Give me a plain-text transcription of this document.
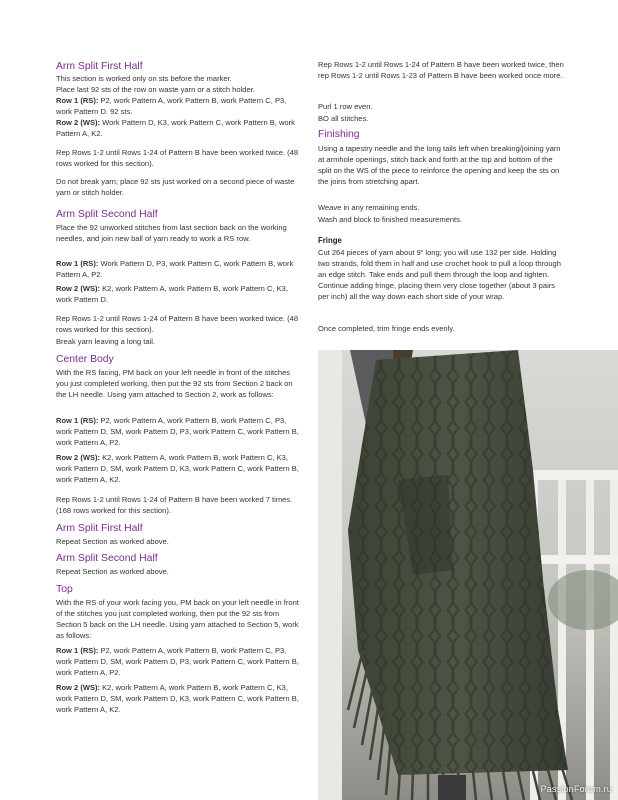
Arm Split First Half

This section is worked only on sts before the marker.

Place last 92 sts of the row on waste yarn or a stitch holder.

Row 1 (RS): P2, work Pattern A, work Pattern B, work Pattern C, P3, work Pattern D. 92 sts.

Row 2 (WS): Work Pattern D, K3, work Pattern C, work Pattern B, work Pattern A, K2.

Rep Rows 1-2 until Rows 1-24 of Pattern B have been worked twice. (48 rows worked for this section).

Do not break yarn; place 92 sts just worked on a second piece of waste yarn or stitch holder.

Arm Split Second Half

Place the 92 unworked stitches from last section back on the working needles, and join new ball of yarn ready to work a RS row.

Row 1 (RS): Work Pattern D, P3, work Pattern C, work Pattern B, work Pattern A, P2.

Row 2 (WS): K2, work Pattern A, work Pattern B, work Pattern C, K3, work Pattern D.

Rep Rows 1-2 until Rows 1-24 of Pattern B have been worked twice. (48 rows worked for this section).

Break yarn leaving a long tail.

Center Body

With the RS facing, PM back on your left needle in front of the stitches you just completed working, then put the 92 sts from Section 2 back on the LH needle. Using yarn attached to Section 2, work as follows:

Row 1 (RS): P2, work Pattern A, work Pattern B, work Pattern C, P3, work Pattern D, SM, work Pattern D, P3, work Pattern C, work Pattern B, work Pattern A, P2.

Row 2 (WS): K2, work Pattern A, work Pattern B, work Pattern C, K3, work Pattern D, SM, work Pattern D, K3, work Pattern C, work Pattern B, work Pattern A, K2.

Rep Rows 1-2 until Rows 1-24 of Pattern B have been worked 7 times. (168 rows worked for this section).

Arm Split First Half

Repeat Section as worked above.

Arm Split Second Half

Repeat Section as worked above.

Top

With the RS of your work facing you, PM back on your left needle in front of the stitches you just completed working, then put the 92 sts from Section 5 back on the LH needle. Using yarn attached to Section 5, work as follows:

Row 1 (RS): P2, work Pattern A, work Pattern B, work Pattern C, P3, work Pattern D, SM, work Pattern D, P3, work Pattern C, work Pattern B, work Pattern A, P2.

Row 2 (WS): K2, work Pattern A, work Pattern B, work Pattern C, K3, work Pattern D, SM, work Pattern D, K3, work Pattern C, work Pattern B, work Pattern A, K2.

Rep Rows 1-2 until Rows 1-24 of Pattern B have been worked twice, then rep Rows 1-2 until Rows 1-23 of Pattern B have been worked once more.

Purl 1 row even.

BO all stitches.

Finishing

Using a tapestry needle and the long tails left when breaking/joining yarn at armhole openings, stitch back and forth at the top and bottom of the split on the WS of the piece to reinforce the opening and keep the sts on the joins from stretching apart.

Weave in any remaining ends.

Wash and block to finished measurements.

Fringe

Cut 264 pieces of yarn about 9” long; you will use 132 per side. Holding two strands, fold them in half and use crochet hook to pull a loop through an edge stitch. Take ends and pull them through the loop and tighten. Continue adding fringe, placing them very close together (about 3 pairs per inch) all the way down each short side of your wrap.

Once completed, trim fringe ends evenly.

PassionForum.ru
